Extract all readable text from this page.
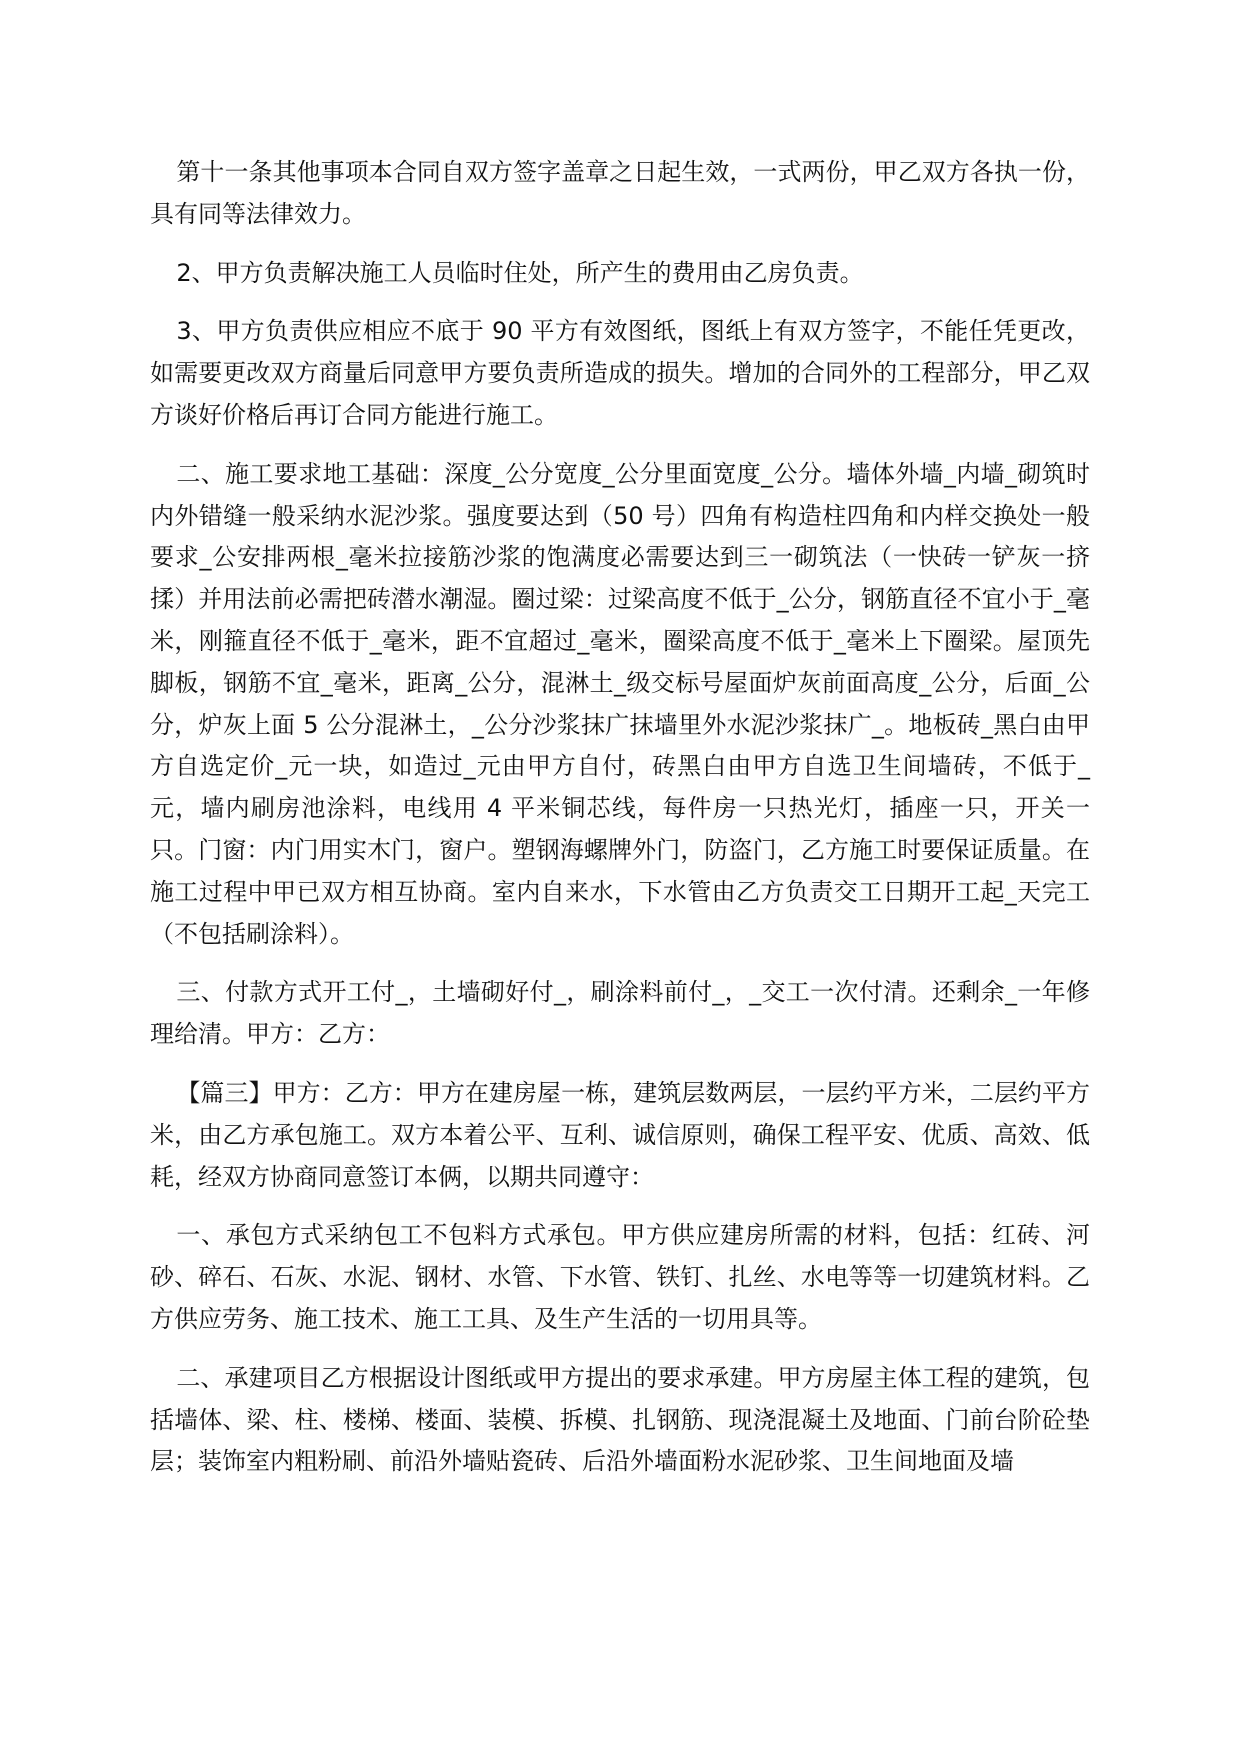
第十一条其他事项本合同自双方签字盖章之日起生效，一式两份，甲乙双方各执一份，具有同等法律效力。

2、甲方负责解决施工人员临时住处，所产生的费用由乙房负责。

3、甲方负责供应相应不底于 90 平方有效图纸，图纸上有双方签字，不能任凭更改，如需要更改双方商量后同意甲方要负责所造成的损失。增加的合同外的工程部分，甲乙双方谈好价格后再订合同方能进行施工。

二、施工要求地工基础：深度_公分宽度_公分里面宽度_公分。墙体外墙_内墙_砌筑时内外错缝一般采纳水泥沙浆。强度要达到（50 号）四角有构造柱四角和内样交换处一般要求_公安排两根_毫米拉接筋沙浆的饱满度必需要达到三一砌筑法（一快砖一铲灰一挤揉）并用法前必需把砖潜水潮湿。圈过梁：过梁高度不低于_公分，钢筋直径不宜小于_毫米，刚箍直径不低于_毫米，距不宜超过_毫米，圈梁高度不低于_毫米上下圈梁。屋顶先脚板，钢筋不宜_毫米，距离_公分，混淋土_级交标号屋面炉灰前面高度_公分，后面_公分，炉灰上面 5 公分混淋土，_公分沙浆抹广抹墙里外水泥沙浆抹广_。地板砖_黑白由甲方自选定价_元一块，如造过_元由甲方自付，砖黑白由甲方自选卫生间墙砖，不低于_元，墙内刷房池涂料，电线用 4 平米铜芯线，每件房一只热光灯，插座一只，开关一只。门窗：内门用实木门，窗户。塑钢海螺牌外门，防盗门，乙方施工时要保证质量。在施工过程中甲已双方相互协商。室内自来水，下水管由乙方负责交工日期开工起_天完工（不包括刷涂料）。

三、付款方式开工付_，土墙砌好付_，刷涂料前付_，_交工一次付清。还剩余_一年修理给清。甲方：乙方：

【篇三】甲方：乙方：甲方在建房屋一栋，建筑层数两层，一层约平方米，二层约平方米，由乙方承包施工。双方本着公平、互利、诚信原则，确保工程平安、优质、高效、低耗，经双方协商同意签订本俩，以期共同遵守：

一、承包方式采纳包工不包料方式承包。甲方供应建房所需的材料，包括：红砖、河砂、碎石、石灰、水泥、钢材、水管、下水管、铁钉、扎丝、水电等等一切建筑材料。乙方供应劳务、施工技术、施工工具、及生产生活的一切用具等。

二、承建项目乙方根据设计图纸或甲方提出的要求承建。甲方房屋主体工程的建筑，包括墙体、梁、柱、楼梯、楼面、装模、拆模、扎钢筋、现浇混凝土及地面、门前台阶砼垫层；装饰室内粗粉刷、前沿外墙贴瓷砖、后沿外墙面粉水泥砂浆、卫生间地面及墙
